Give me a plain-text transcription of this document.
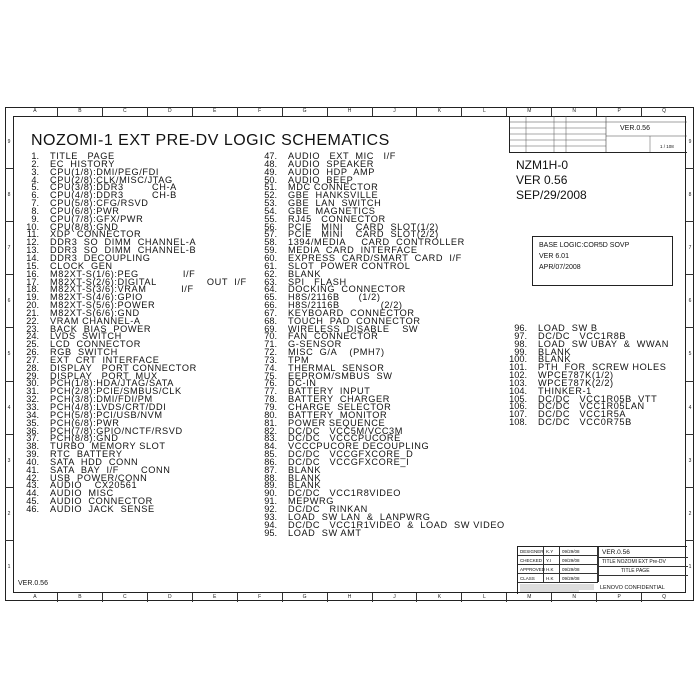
A	B	C	D	E	F	G	H	J	K	L	M	N	P	Q
A	B	C	D	E	F	G	H	J	K	L	M	N	P	Q
9
8
7
6
5
4
3
2
1
9
8
7
6
5
4
3
2
1
NOZOMI-1 EXT PRE-DV LOGIC SCHEMATICS
1.	TITLE   PAGE
2.	EC  HISTORY
3.	CPU(1/8):DMI/PEG/FDI
4.	CPU(2/8):CLK/MISC/JTAG
5.	CPU(3/8):DDR3         CH-A
6.	CPU(4/8):DDR3         CH-B
7.	CPU(5/8):CFG/RSVD
8.	CPU(6/8):PWR
9.	CPU(7/8):GFX/PWR
10.	CPU(8/8):GND
11.	XDP  CONNECTOR
12.	DDR3  SO  DIMM  CHANNEL-A
13.	DDR3  SO  DIMM  CHANNEL-B
14.	DDR3  DECOUPLING
15.	CLOCK  GEN
16.	M82XT-S(1/6):PEG              I/F
17.	M82XT-S(2/6):DIGITAL                OUT  I/F
18.	M82XT-S(3/6):VRAM           I/F
19.	M82XT-S(4/6):GPIO
20.	M82XT-S(5/6):POWER
21.	M82XT-S(6/6):GND
22.	VRAM CHANNEL-A
23.	BACK  BIAS  POWER
24.	LVDS  SWITCH
25.	LCD  CONNECTOR
26.	RGB  SWITCH
27.	EXT  CRT  INTERFACE
28.	DISPLAY   PORT CONNECTOR
29.	DISPLAY   PORT  MUX
30.	PCH(1/8):HDA/JTAG/SATA
31.	PCH(2/8):PCIE/SMBUS/CLK
32.	PCH(3/8):DMI/FDI/PM
33.	PCH(4/8):LVDS/CRT/DDI
34.	PCH(5/8):PCI/USB/NVM
35.	PCH(6/8):PWR
36.	PCH(7/8):GPIO/NCTF/RSVD
37.	PCH(8/8):GND
38.	TURBO  MEMORY SLOT
39.	RTC  BATTERY
40.	SATA  HDD  CONN
41.	SATA  BAY  I/F       CONN
42.	USB  POWER/CONN
43.	AUDIO    CX20561
44.	AUDIO  MISC
45.	AUDIO  CONNECTOR
46.	AUDIO  JACK  SENSE
47.	AUDIO   EXT  MIC   I/F
48.	AUDIO  SPEAKER
49.	AUDIO  HDP  AMP
50.	AUDIO  BEEP
51.	MDC CONNECTOR
52.	GBE  HANKSVILLE
53.	GBE  LAN  SWITCH
54.	GBE  MAGNETICS
55.	RJ45   CONNECTOR
56.	PCIE   MINI    CARD  SLOT(1/2)
57.	PCIE   MINI    CARD  SLOT(2/2)
58.	1394/MEDIA     CARD  CONTROLLER
59.	MEDIA  CARD  INTERFACE
60.	EXPRESS  CARD/SMART  CARD  I/F
61.	SLOT  POWER CONTROL
62.	BLANK
63.	SPI   FLASH
64.	DOCKING  CONNECTOR
65.	H8S/2116B      (1/2)
66.	H8S/2116B             (2/2)
67.	KEYBOARD  CONNECTOR
68.	TOUCH  PAD  CONNECTOR
69.	WIRELESS  DISABLE    SW
70.	FAN  CONNECTOR
71.	G-SENSOR
72.	MISC  G/A    (PMH7)
73.	TPM
74.	THERMAL  SENSOR
75.	EEPROM/SMBUS  SW
76.	DC-IN
77.	BATTERY  INPUT
78.	BATTERY  CHARGER
79.	CHARGE  SELECTOR
80.	BATTERY  MONITOR
81.	POWER SEQUENCE
82.	DC/DC   VCC5M/VCC3M
83.	DC/DC   VCCCPUCORE
84.	VCCCPUCORE DECOUPLING
85.	DC/DC   VCCGFXCORE_D
86.	DC/DC   VCCGFXCORE_I
87.	BLANK
88.	BLANK
89.	BLANK
90.	DC/DC   VCC1R8VIDEO
91.	MEPWRG
92.	DC/DC   RINKAN
93.	LOAD  SW LAN  &  LANPWRG
94.	DC/DC   VCC1R1VIDEO  &  LOAD  SW VIDEO
95.	LOAD  SW AMT
96.	LOAD  SW B
97.	DC/DC   VCC1R8B
98.	LOAD  SW UBAY  &  WWAN
99.	BLANK
100.	BLANK
101.	PTH  FOR  SCREW HOLES
102.	WPCE787K(1/2)
103.	WPCE787K(2/2)
104.	THINKER-1
105.	DC/DC   VCC1R05B  VTT
106.	DC/DC   VCC1R05LAN
107.	DC/DC   VCC1R5A
108.	DC/DC   VCC0R75B
NZM1H-0
VER 0.56
SEP/29/2008
BASE LOGIC:COR5D SOVP
VER 6.01
APR/07/2008
VER.0.56
1 / 108
DESIGNER K.Y	09/29/08
CHECKED Y.I	09/29/08
APPROVED H.K	09/29/08
CLASS	H.K	09/29/08
VER.0.56
TITLE NOZOMI EXT Pre-DV
TITLE PAGE
LENOVO CONFIDENTIAL
VER.0.56
